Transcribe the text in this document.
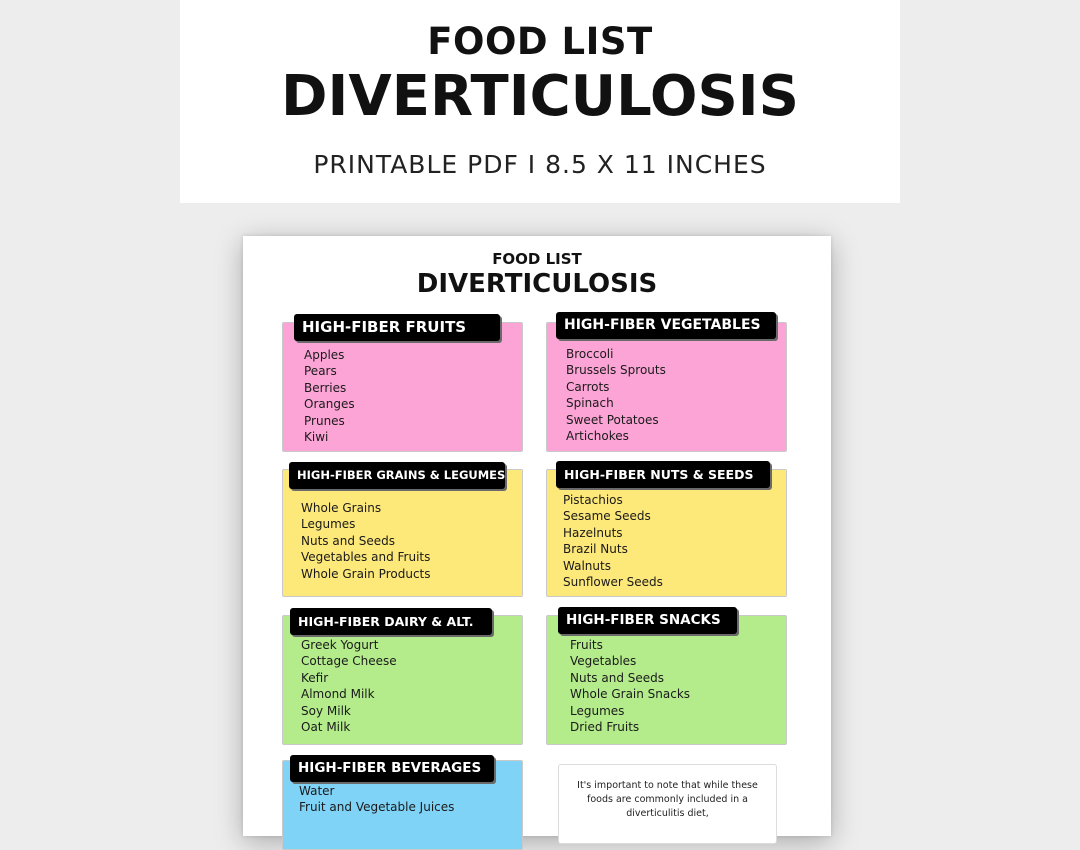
FOOD LIST
DIVERTICULOSIS
PRINTABLE PDF I 8.5 X 11 INCHES
FOOD LIST
DIVERTICULOSIS
HIGH-FIBER FRUITS
Apples
Pears
Berries
Oranges
Prunes
Kiwi
HIGH-FIBER VEGETABLES
Broccoli
Brussels Sprouts
Carrots
Spinach
Sweet Potatoes
Artichokes
HIGH-FIBER GRAINS & LEGUMES
Whole Grains
Legumes
Nuts and Seeds
Vegetables and Fruits
Whole Grain Products
HIGH-FIBER NUTS & SEEDS
Pistachios
Sesame Seeds
Hazelnuts
Brazil Nuts
Walnuts
Sunflower Seeds
HIGH-FIBER DAIRY & ALT.
Greek Yogurt
Cottage Cheese
Kefir
Almond Milk
Soy Milk
Oat Milk
HIGH-FIBER SNACKS
Fruits
Vegetables
Nuts and Seeds
Whole Grain Snacks
Legumes
Dried Fruits
HIGH-FIBER BEVERAGES
Water
Fruit and Vegetable Juices
It's important to note that while these foods are commonly included in a diverticulitis diet,
